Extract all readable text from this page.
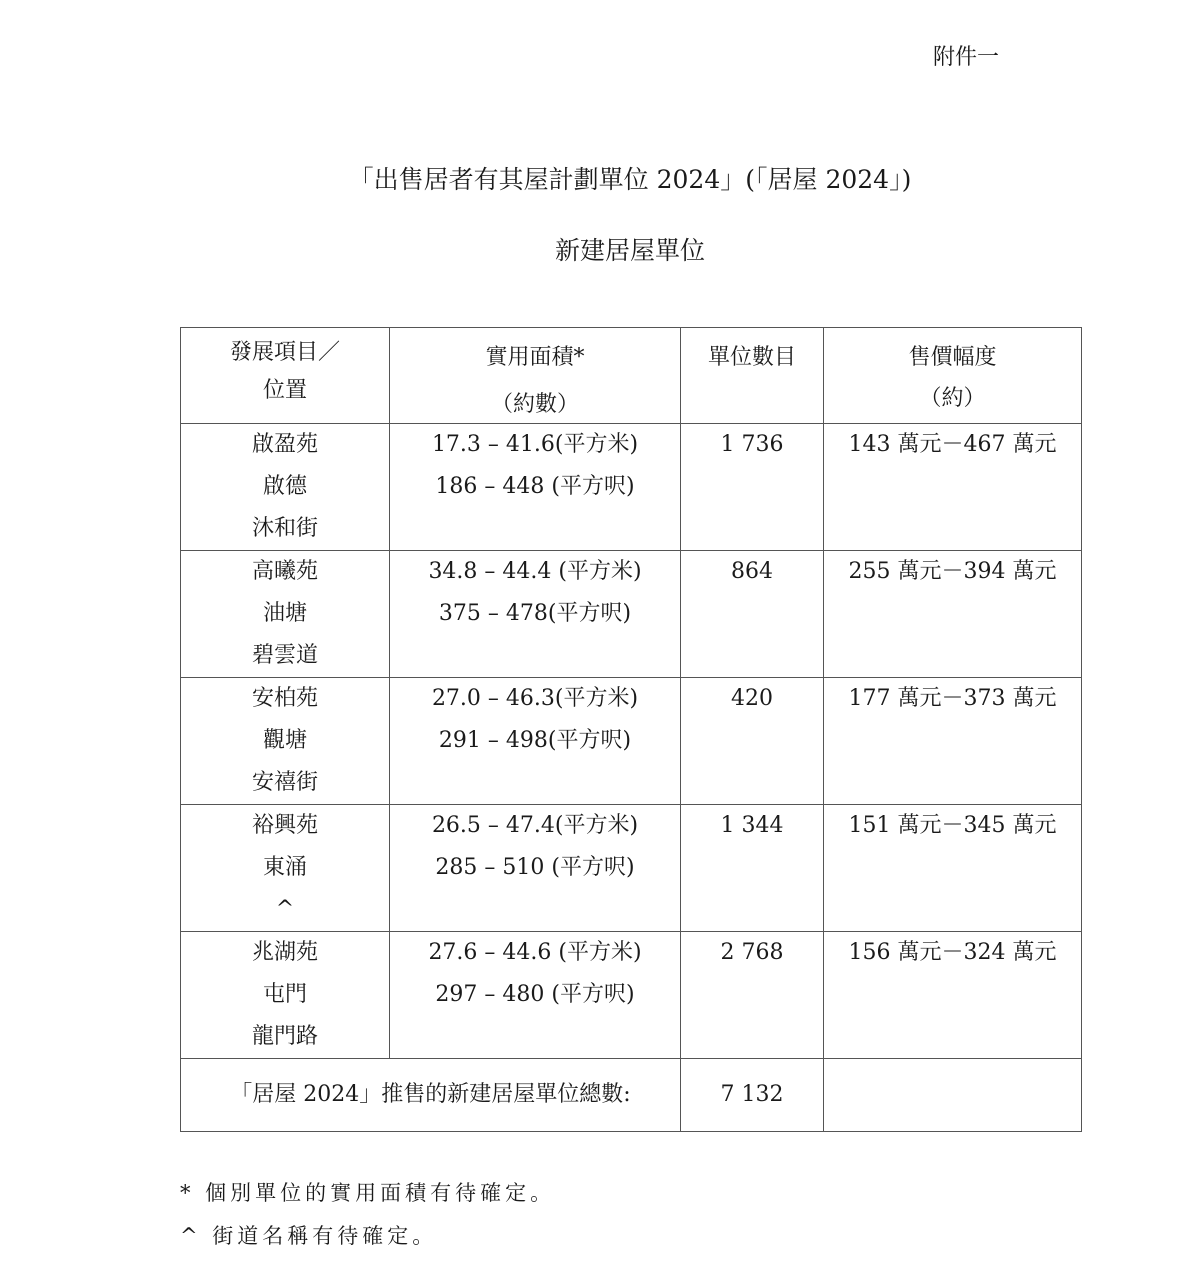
附件一
「出售居者有其屋計劃單位 2024」(「居屋 2024」)
新建居屋單位
發展項目／
位置	實用面積*
（約數）	單位數目	售價幅度
（約）

啟盈苑
啟德
沐和街	17.3 – 41.6(平方米)
186 – 448 (平方呎)	1 736	143 萬元－467 萬元

高曦苑
油塘
碧雲道	34.8 – 44.4 (平方米)
375 – 478(平方呎)	864	255 萬元－394 萬元

安柏苑
觀塘
安禧街	27.0 – 46.3(平方米)
291 – 498(平方呎)	420	177 萬元－373 萬元

裕興苑
東涌
^	26.5 – 47.4(平方米)
285 – 510 (平方呎)	1 344	151 萬元－345 萬元

兆湖苑
屯門
龍門路	27.6 – 44.6 (平方米)
297 – 480 (平方呎)	2 768	156 萬元－324 萬元

「居屋 2024」推售的新建居屋單位總數:		7 132	
* 個別單位的實用面積有待確定。
^ 街道名稱有待確定。
